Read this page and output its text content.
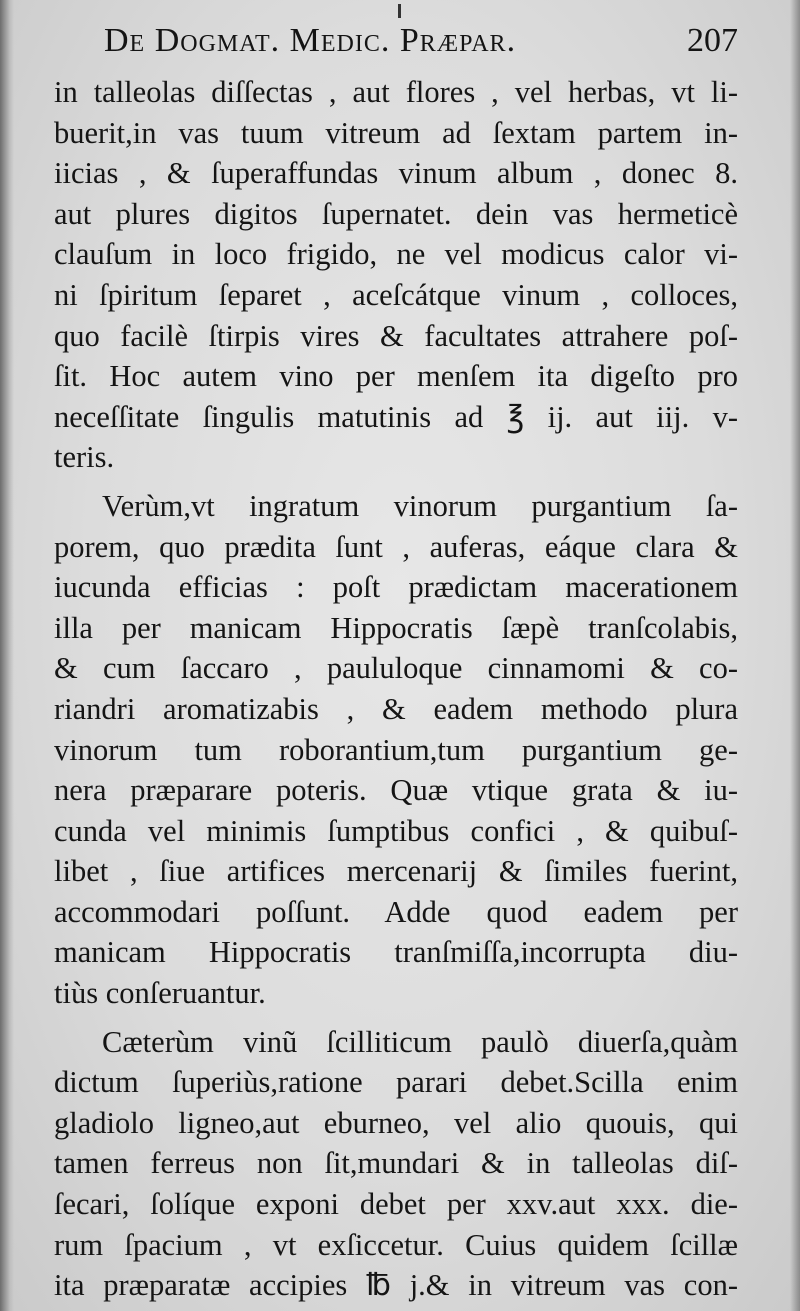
De Dogmat. Medic. Præpar.	207
in talleolas diſſectas , aut flores , vel herbas, vt li-
buerit,in vas tuum vitreum ad ſextam partem in-
iicias , & ſuperaffundas vinum album , donec 8.
aut plures digitos ſupernatet. dein vas hermeticè
clauſum in loco frigido, ne vel modicus calor vi-
ni ſpiritum ſeparet , aceſcátque vinum , colloces,
quo facilè ſtirpis vires & facultates attrahere poſ-
ſit. Hoc autem vino per menſem ita digeſto pro
neceſſitate ſingulis matutinis ad ℥ ij. aut iij. v-
teris.
Verùm,vt ingratum vinorum purgantium ſa-
porem, quo prædita ſunt , auferas, eáque clara &
iucunda efficias : poſt prædictam macerationem
illa per manicam Hippocratis ſæpè tranſcolabis,
& cum ſaccaro , paululoque cinnamomi & co-
riandri aromatizabis , & eadem methodo plura
vinorum tum roborantium,tum purgantium ge-
nera præparare poteris. Quæ vtique grata & iu-
cunda vel minimis ſumptibus confici , & quibuſ-
libet , ſiue artifices mercenarij & ſimiles fuerint,
accommodari poſſunt. Adde quod eadem per
manicam Hippocratis tranſmiſſa,incorrupta diu-
tiùs conſeruantur.
Cæterùm vinũ ſcilliticum paulò diuerſa,quàm
dictum ſuperiùs,ratione parari debet.Scilla enim
gladiolo ligneo,aut eburneo, vel alio quouis, qui
tamen ferreus non ſit,mundari & in talleolas diſ-
ſecari, ſolíque exponi debet per xxv.aut xxx. die-
rum ſpacium , vt exſiccetur. Cuius quidem ſcillæ
ita præparatæ accipies ℔ j.& in vitreum vas con-
